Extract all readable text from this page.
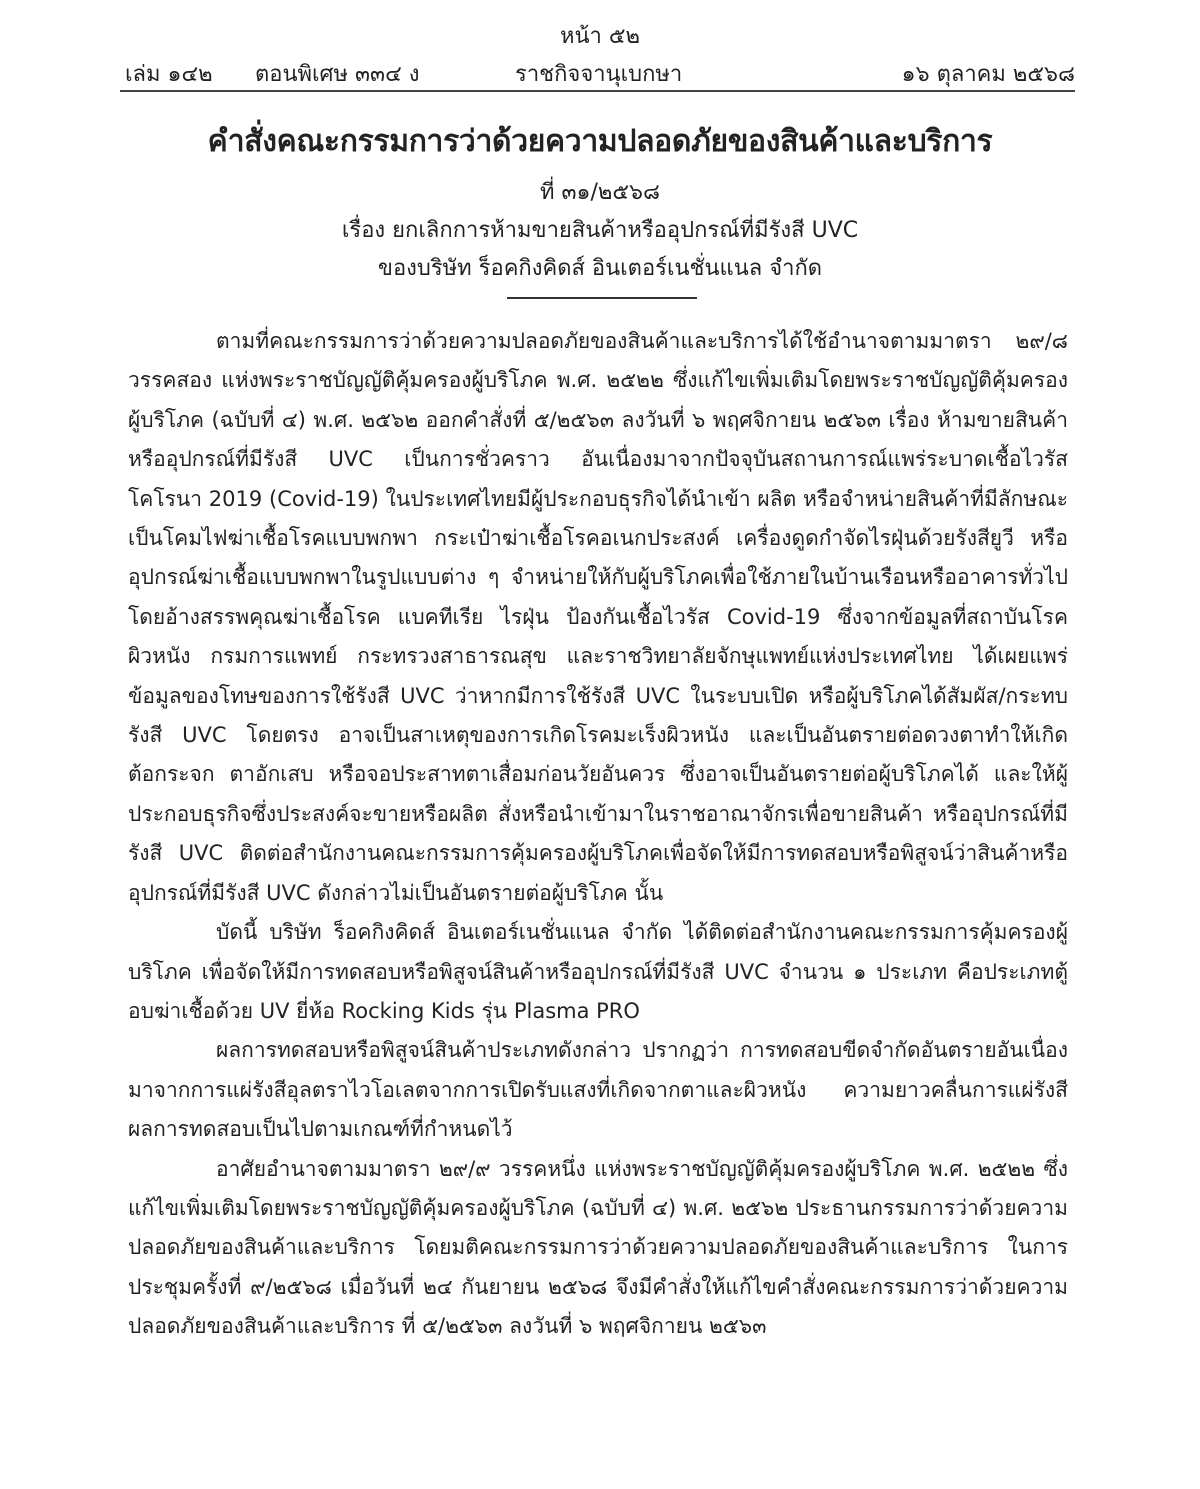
หน้า ๕๒
เล่ม ๑๔๒ ตอนพิเศษ ๓๓๔ ง	ราชกิจจานุเบกษา	๑๖ ตุลาคม ๒๕๖๘
คำสั่งคณะกรรมการว่าด้วยความปลอดภัยของสินค้าและบริการ
ที่ ๓๑/๒๕๖๘
เรื่อง ยกเลิกการห้ามขายสินค้าหรืออุปกรณ์ที่มีรังสี UVC
ของบริษัท ร็อคกิงคิดส์ อินเตอร์เนชั่นแนล จำกัด

ตามที่คณะกรรมการว่าด้วยความปลอดภัยของสินค้าและบริการได้ใช้อำนาจตามมาตรา ๒๙/๘ วรรคสอง แห่งพระราชบัญญัติคุ้มครองผู้บริโภค พ.ศ. ๒๕๒๒ ซึ่งแก้ไขเพิ่มเติมโดยพระราชบัญญัติคุ้มครองผู้บริโภค (ฉบับที่ ๔) พ.ศ. ๒๕๖๒ ออกคำสั่งที่ ๕/๒๕๖๓ ลงวันที่ ๖ พฤศจิกายน ๒๕๖๓ เรื่อง ห้ามขายสินค้าหรืออุปกรณ์ที่มีรังสี UVC เป็นการชั่วคราว อันเนื่องมาจากปัจจุบันสถานการณ์แพร่ระบาดเชื้อไวรัสโคโรนา 2019 (Covid-19) ในประเทศไทยมีผู้ประกอบธุรกิจได้นำเข้า ผลิต หรือจำหน่ายสินค้าที่มีลักษณะเป็นโคมไฟฆ่าเชื้อโรคแบบพกพา กระเป๋าฆ่าเชื้อโรคอเนกประสงค์ เครื่องดูดกำจัดไรฝุ่นด้วยรังสียูวี หรืออุปกรณ์ฆ่าเชื้อแบบพกพาในรูปแบบต่าง ๆ จำหน่ายให้กับผู้บริโภคเพื่อใช้ภายในบ้านเรือนหรืออาคารทั่วไป โดยอ้างสรรพคุณฆ่าเชื้อโรค แบคทีเรีย ไรฝุ่น ป้องกันเชื้อไวรัส Covid-19 ซึ่งจากข้อมูลที่สถาบันโรคผิวหนัง กรมการแพทย์ กระทรวงสาธารณสุข และราชวิทยาลัยจักษุแพทย์แห่งประเทศไทย ได้เผยแพร่ข้อมูลของโทษของการใช้รังสี UVC ว่าหากมีการใช้รังสี UVC ในระบบเปิด หรือผู้บริโภคได้สัมผัส/กระทบรังสี UVC โดยตรง อาจเป็นสาเหตุของการเกิดโรคมะเร็งผิวหนัง และเป็นอันตรายต่อดวงตาทำให้เกิดต้อกระจก ตาอักเสบ หรือจอประสาทตาเสื่อมก่อนวัยอันควร ซึ่งอาจเป็นอันตรายต่อผู้บริโภคได้ และให้ผู้ประกอบธุรกิจซึ่งประสงค์จะขายหรือผลิต สั่งหรือนำเข้ามาในราชอาณาจักรเพื่อขายสินค้า หรืออุปกรณ์ที่มีรังสี UVC ติดต่อสำนักงานคณะกรรมการคุ้มครองผู้บริโภคเพื่อจัดให้มีการทดสอบหรือพิสูจน์ว่าสินค้าหรืออุปกรณ์ที่มีรังสี UVC ดังกล่าวไม่เป็นอันตรายต่อผู้บริโภค นั้น

บัดนี้ บริษัท ร็อคกิงคิดส์ อินเตอร์เนชั่นแนล จำกัด ได้ติดต่อสำนักงานคณะกรรมการคุ้มครองผู้บริโภค เพื่อจัดให้มีการทดสอบหรือพิสูจน์สินค้าหรืออุปกรณ์ที่มีรังสี UVC จำนวน ๑ ประเภท คือประเภทตู้อบฆ่าเชื้อด้วย UV ยี่ห้อ Rocking Kids รุ่น Plasma PRO

ผลการทดสอบหรือพิสูจน์สินค้าประเภทดังกล่าว ปรากฏว่า การทดสอบขีดจำกัดอันตรายอันเนื่องมาจากการแผ่รังสีอุลตราไวโอเลตจากการเปิดรับแสงที่เกิดจากตาและผิวหนัง ความยาวคลื่นการแผ่รังสี ผลการทดสอบเป็นไปตามเกณฑ์ที่กำหนดไว้

อาศัยอำนาจตามมาตรา ๒๙/๙ วรรคหนึ่ง แห่งพระราชบัญญัติคุ้มครองผู้บริโภค พ.ศ. ๒๕๒๒ ซึ่งแก้ไขเพิ่มเติมโดยพระราชบัญญัติคุ้มครองผู้บริโภค (ฉบับที่ ๔) พ.ศ. ๒๕๖๒ ประธานกรรมการว่าด้วยความปลอดภัยของสินค้าและบริการ โดยมติคณะกรรมการว่าด้วยความปลอดภัยของสินค้าและบริการ ในการประชุมครั้งที่ ๙/๒๕๖๘ เมื่อวันที่ ๒๔ กันยายน ๒๕๖๘ จึงมีคำสั่งให้แก้ไขคำสั่งคณะกรรมการว่าด้วยความปลอดภัยของสินค้าและบริการ ที่ ๕/๒๕๖๓ ลงวันที่ ๖ พฤศจิกายน ๒๕๖๓
